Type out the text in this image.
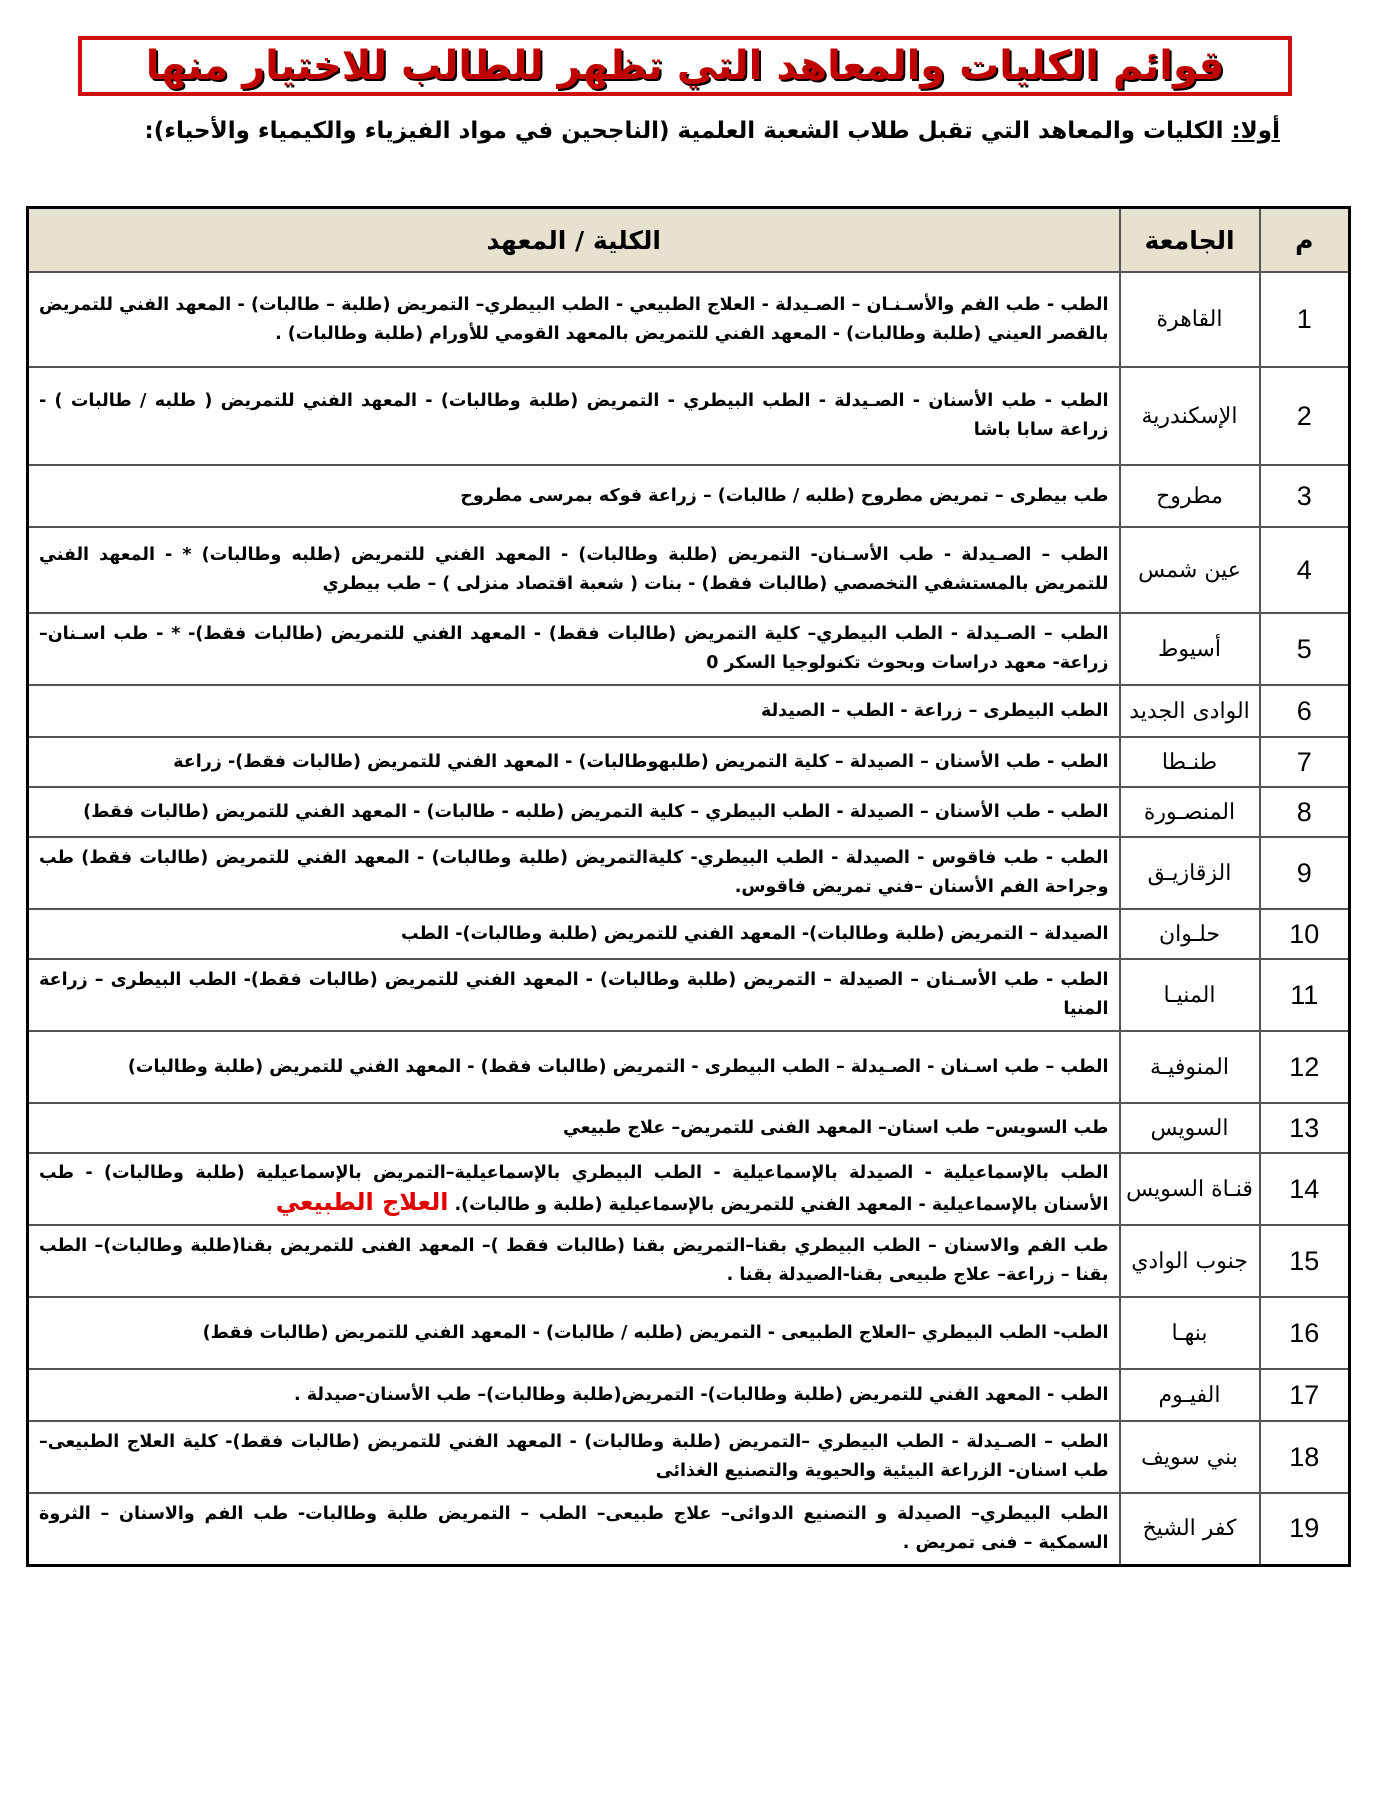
قوائم الكليات والمعاهد التي تظهر للطالب للاختيار منها
أولا: الكليات والمعاهد التي تقبل طلاب الشعبة العلمية (الناجحين في مواد الفيزياء والكيمياء والأحياء):
م	الجامعة	الكلية / المعهد
1	القاهرة	الطب - طب الفم والأسـنـان – الصـيدلة - العلاج الطبيعي - الطب البيطري– التمريض (طلبة – طالبات) - المعهد الفني للتمريض بالقصر العيني (طلبة وطالبات) - المعهد الفني للتمريض بالمعهد القومي للأورام (طلبة وطالبات) .
2	الإسكندرية	الطب - طب الأسنان - الصـيدلة - الطب البيطري - التمريض (طلبة وطالبات) - المعهد الفني للتمريض ( طلبه / طالبات ) - زراعة سابا باشا
3	مطروح	طب بيطرى – تمريض مطروح (طلبه / طالبات) – زراعة فوكه بمرسى مطروح
4	عين شمس	الطب – الصـيدلة - طب الأسـنان- التمريض (طلبة وطالبات) - المعهد الفني للتمريض (طلبه وطالبات) * - المعهد الفني للتمريض بالمستشفي التخصصي (طالبات فقط) - بنات ( شعبة اقتصاد منزلى ) – طب بيطري
5	أسيوط	الطب – الصـيدلة - الطب البيطري– كلية التمريض (طالبات فقط) - المعهد الفني للتمريض (طالبات فقط)- * - طب اسـنان– زراعة- معهد دراسات وبحوث تكنولوجيا السكر 0
6	الوادى الجديد	الطب البيطرى – زراعة - الطب – الصيدلة
7	طنـطا	الطب - طب الأسنان – الصيدلة – كلية التمريض (طلبهوطالبات) - المعهد الفني للتمريض (طالبات فقط)- زراعة
8	المنصـورة	الطب - طب الأسنان – الصيدلة - الطب البيطري – كلية التمريض (طلبه - طالبات) - المعهد الفني للتمريض (طالبات فقط)
9	الزقازيـق	الطب - طب فاقوس - الصيدلة - الطب البيطري- كليةالتمريض (طلبة وطالبات) - المعهد الفني للتمريض (طالبات فقط) طب وجراحة الفم الأسنان –فني تمريض فاقوس.
10	حلـوان	الصيدلة – التمريض (طلبة وطالبات)- المعهد الفني للتمريض (طلبة وطالبات)- الطب
11	المنيـا	الطب - طب الأسـنان – الصيدلة – التمريض (طلبة وطالبات) - المعهد الفني للتمريض (طالبات فقط)- الطب البيطرى – زراعة المنيا
12	المنوفيـة	الطب – طب اسـنان - الصـيدلة – الطب البيطرى - التمريض (طالبات فقط) - المعهد الفني للتمريض (طلبة وطالبات)
13	السويس	طب السويس– طب اسنان– المعهد الفنى للتمريض– علاج طبيعي
14	قنـاة السويس	الطب بالإسماعيلية - الصيدلة بالإسماعيلية - الطب البيطري بالإسماعيلية–التمريض بالإسماعيلية (طلبة وطالبات) - طب الأسنان بالإسماعيلية - المعهد الفني للتمريض بالإسماعيلية (طلبة و طالبات). العلاج الطبيعي
15	جنوب الوادي	طب الفم والاسنان – الطب البيطري بقنا–التمريض بقنا (طالبات فقط )– المعهد الفنى للتمريض بقنا(طلبة وطالبات)– الطب بقنا – زراعة– علاج طبيعى بقنا-الصيدلة بقنا .
16	بنهـا	الطب- الطب البيطري –العلاج الطبيعى - التمريض (طلبه / طالبات) - المعهد الفني للتمريض (طالبات فقط)
17	الفيـوم	الطب - المعهد الفني للتمريض (طلبة وطالبات)- التمريض(طلبة وطالبات)– طب الأسنان-صيدلة .
18	بني سويف	الطب – الصـيدلة - الطب البيطري –التمريض (طلبة وطالبات) - المعهد الفني للتمريض (طالبات فقط)- كلية العلاج الطبيعى– طب اسنان- الزراعة البيئية والحيوية والتصنيع الغذائى
19	كفر الشيخ	الطب البيطري– الصيدلة و التصنيع الدوائى– علاج طبيعى– الطب – التمريض طلبة وطالبات- طب الفم والاسنان – الثروة السمكية – فنى تمريض .
